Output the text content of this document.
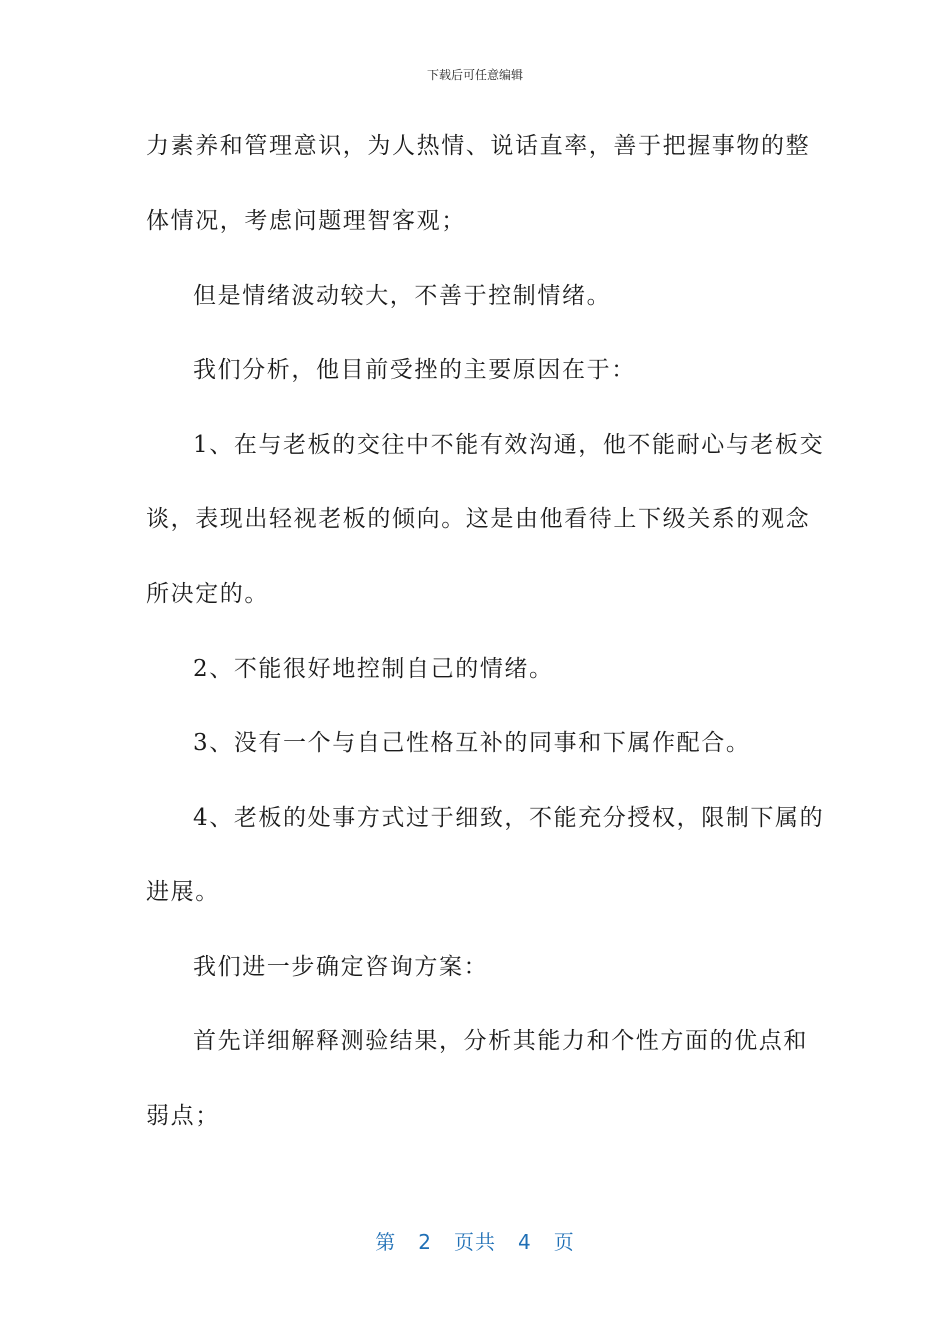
下载后可任意编辑
力素养和管理意识，为人热情、说话直率，善于把握事物的整
体情况，考虑问题理智客观；
但是情绪波动较大，不善于控制情绪。
我们分析，他目前受挫的主要原因在于：
1、在与老板的交往中不能有效沟通，他不能耐心与老板交
谈，表现出轻视老板的倾向。这是由他看待上下级关系的观念
所决定的。
2、不能很好地控制自己的情绪。
3、没有一个与自己性格互补的同事和下属作配合。
4、老板的处事方式过于细致，不能充分授权，限制下属的
进展。
我们进一步确定咨询方案：
首先详细解释测验结果，分析其能力和个性方面的优点和
弱点；
第 2 页共 4 页
